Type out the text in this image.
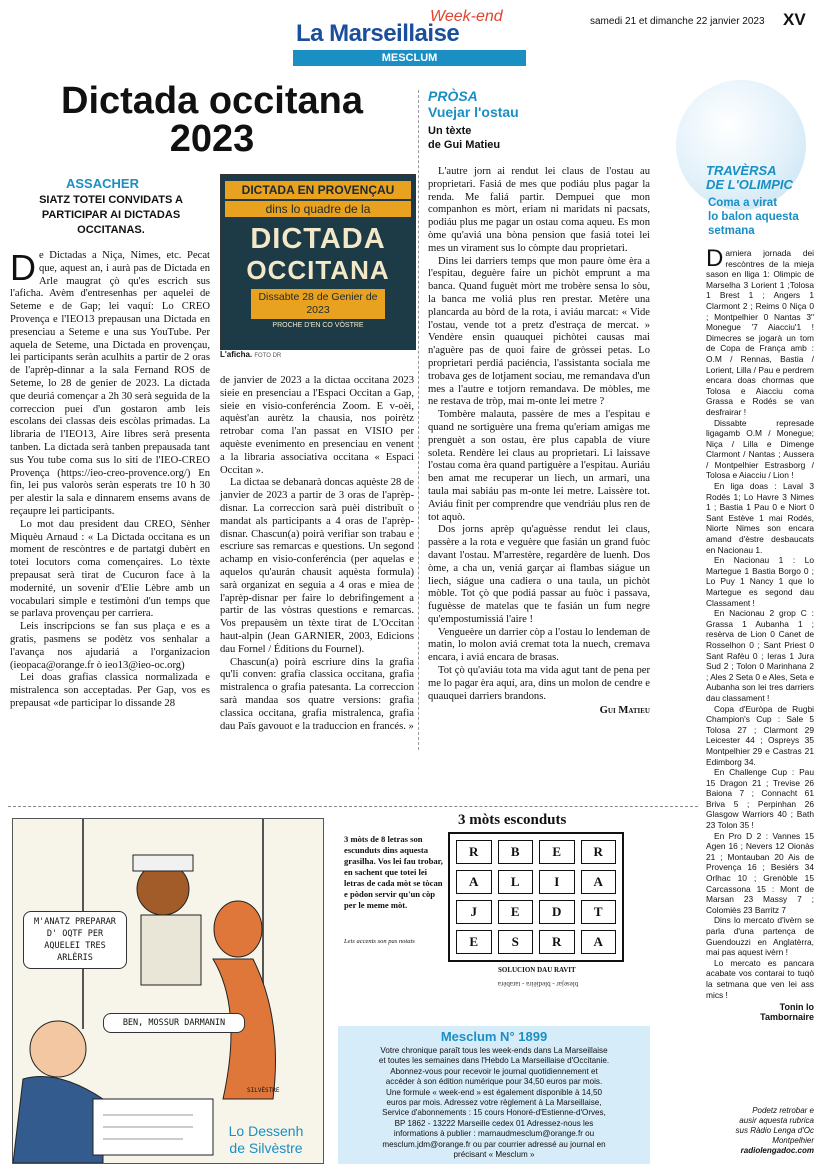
La Marseillaise
Week-end	samedi 21 et dimanche 22 janvier 2023 XV
MESCLUM
Dictada occitana
2023
ASSACHER
SIATZ TOTEI CONVIDATS A PARTICIPAR AI DICTADAS OCCITANAS.

De Dictadas a Niça, Nimes, etc. Pecat que, aquest an, i aurà pas de Dictada en Arle maugrat çò qu'es escrich sus l'aficha. Avèm d'entresenhas per aquelei de Seteme e de Gap; lei vaquí: Lo CREO Provença e l'IEO13 prepausan una Dictada en presenciau a Seteme e una sus YouTube. Per aquela de Seteme, una Dictada en provençau, lei participants seràn aculhits a partir de 2 oras de l'aprèp-dinnar a la sala Fernand ROS de Seteme, lo 28 de genier de 2023. La dictada que deuriá començar a 2h 30 serà seguida de la correccion puei d'un gostaron amb leis escolans dei classas deis escòlas primadas. La libraria de l'IEO13, Aire libres serà presenta tanben. La dictada serà tanben prepausada tant sus You tube coma sus lo siti de l'IEO-CREO Provença (https://ieo-creo-provence.org/) En fin, lei pus valoròs seràn esperats tre 10 h 30 per alestir la sala e dinnarem ensems avans de reçaupre lei participants.

Lo mot dau president dau CREO, Sènher Miquèu Arnaud : « La Dictada occitana es un moment de rescòntres e de partatgi dubèrt en totei locutors coma començaires. Lo tèxte prepausat serà tirat de Cucuron face à la modernité, un sovenir d'Elie Lèbre amb un vocabulari simple e testimòni d'un temps que se parlava provençau per carriera.

Leis inscripcions se fan sus plaça e es a gratis, pasmens se podètz vos senhalar a l'avança nos ajudariá a l'organizacion (ieopaca@orange.fr ò ieo13@ieo-oc.org)

Lei doas grafias classica normalizada e mistralenca son acceptadas. Per Gap, vos es prepausat «de participar lo dissande 28

DICTADA EN PROVENÇAU
dins lo quadre de la
DICTADA
OCCITANA
Dissabte 28 de Genier de 2023
PROCHE D'EN CO VÒSTRE
L'aficha. FOTO DR

de janvier de 2023 a la dictaa occitana 2023 sieie en presenciau a l'Espaci Occitan a Gap, sieie en visio-conferéncia Zoom. E v-oèi, aquèst'an aurètz la chausia, nos poirètz retrobar coma l'an passat en VISIO per aquèste evenimento en presenciau en venent a la libraria associativa occitana « Espaci Occitan ».

La dictaa se debanarà doncas aquèste 28 de janvier de 2023 a partir de 3 oras de l'aprèp-disnar. La correccion sarà puèi distribuït o mandat als participants a 4 oras de l'aprèp-disnar. Chascun(a) poirà verifiar son trabau e escriure sas remarcas e questions. Un segond achamp en visio-conferéncia (per aquelas e aquelos qu'aurán chausit aquèsta formula) sarà organizat en seguia a 4 oras e miea de l'aprèp-disnar per faire lo debrifingement a partir de las vòstras questions e remarcas. Vos prepausèm un tèxte tirat de L'Occitan haut-alpin (Jean GARNIER, 2003, Edicions dau Fornel / Éditions du Fournel).

Chascun(a) poirà escriure dins la grafia qu'li conven: grafia classica occitana, grafia mistralenca o grafia patesanta. La correccion sarà mandaa sos quatre versions: grafia classica occitana, grafia mistralenca, grafia dau Païs gavouot e la traduccion en francés. »

PRÒSA
Vuejar l'ostau
Un tèxte
de Gui Matieu

L'autre jorn ai rendut lei claus de l'ostau au proprietari. Fasiá de mes que podiáu plus pagar la renda. Me faliá partir. Dempuei que mon companhon es mòrt, eriam ni maridats ni pacsats, podiáu plus me pagar un ostau coma aqueu. Es mon òme qu'aviá una bòna pension que fasiá totei lei mes un virament sus lo còmpte dau proprietari.

Dins lei darriers temps que mon paure òme èra a l'espitau, deguère faire un pichòt emprunt a ma banca. Quand fuguèt mòrt me trobère sensa lo sòu, la banca me voliá plus ren prestar. Metère una plancarda au bòrd de la rota, i aviáu marcat: « Vide l'ostau, vende tot a pretz d'estraça de mercat. » Vendère ensin quauquei pichòtei causas mai n'aguère pas de quoi faire de gròssei petas. Lo proprietari perdiá paciéncia, l'assistanta sociala me trobava ges de lotjament sociau, me remandava d'un mes a l'autre e totjorn remandava. De mòbles, me ne restava de tròp, mai m-onte lei metre ?

Tombère malauta, passère de mes a l'espitau e quand ne sortiguère una frema qu'eriam amigas me prenguèt a son ostau, ère plus capabla de viure soleta. Rendère lei claus au proprietari. Li laissave l'ostau coma èra quand partiguère a l'espitau. Auriáu ben amat me recuperar un liech, un armari, una taula mai sabiáu pas m-onte lei metre. Laissère tot. Aviáu finit per comprendre que vendriáu plus ren de tot aquò.

Dos jorns aprèp qu'aguèsse rendut lei claus, passère a la rota e veguère que fasián un grand fuòc davant l'ostau. M'arrestère, regardère de luenh. Dos òme, a cha un, veniá garçar ai flambas siágue un liech, siágue una cadiera o una taula, un pichòt mòble. Tot çò que podiá passar au fuòc i passava, fuguèsse de matelas que te fasián un fum negre qu'empostumissiá l'aire !

Vengueère un darrier còp a l'ostau lo lendeman de matin, lo molon aviá cremat tota la nuech, cremava encara, i aviá encara de brasas.

Tot çò qu'aviáu tota ma vida agut tant de pena per me lo pagar èra aquí, ara, dins un molon de cendre e quauquei darriers brandons.

Gui Matieu
TRAVÈRSA
DE L'OLIMPIC
Coma a virat
lo balon aquesta
setmana

Darniera jornada dei rescòntres de la mieja sason en lliga 1: Olimpic de Marselha 3 Lorient 1 ;Tolosa 1 Brest 1 ; Angers 1 Clarmont 2 ; Reims 0 Niça 0 ; Montpelhier 0 Nantas 3" Monegue '7 Aiacciu'1 ! Dimecres se jogarà un tom de Copa de França amb : O.M / Rennas, Bastia / Lorient, Lilla / Pau e perdrem encara doas chormas que Tolosa e Aiacciu coma Grassa e Rodés se van desfrairar !

Dissabte represade ligagamb O.M / Monegue; Niça / Lilla e Dimenge Clarmont / Nantas ; Aussera / Montpelhier Estrasborg / Tolosa e Aiacciu / Lion !

En liga doas : Laval 3 Rodés 1; Lo Havre 3 Nimes 1 ; Bastia 1 Pau 0 e Niort 0 Sant Estève 1 mai Rodés, Niorte Nimes son encara amand d'èstre desbaucats en Nacionau 1.

En Nacionau 1 : Lo Martegue 1 Bastia Borgo 0 ; Lo Puy 1 Nancy 1 que lo Martegue es segond dau Classament !

En Nacionau 2 grop C : Grassa 1 Aubanha 1 ; resèrva de Lion 0 Canet de Rosselhon 0 ; Sant Priest 0 Sant Rafèu 0 ; Ieras 1 Jura Sud 2 ; Tolon 0 Marinhana 2 ; Ales 2 Seta 0 e Ales, Seta e Aubanha son lei tres darriers dau classament !

Copa d'Euròpa de Rugbi Champion's Cup : Sale 5 Tolosa 27 ; Clarmont 29 Leicester 44 ; Ospreys 35 Montpelhier 29 e Castras 21 Edimborg 34.

En Challenge Cup : Pau 15 Dragon 21 ; Trevise 26 Baiona 7 ; Connacht 61 Briva 5 ; Perpinhan 26 Glasgow Warriors 40 ; Bath 23 Tolon 35 !

En Pro D 2 : Vannes 15 Agen 16 ; Nevers 12 Oionàs 21 ; Montauban 20 Ais de Provença 16 ; Besiérs 34 Orlhac 10 ; Grenòble 15 Carcassona 15 : Mont de Marsan 23 Massy 7 ; Colomiès 23 Barritz 7

Dins lo mercato d'ivèrn se parla d'una partença de Guendouzzi en Anglatèrra, mai pas aquest ivèrn !

Lo mercato es pancara acabate vos contarai to tuqò la setmana que ven lei ass mics !

Tonin lo
Tambornaire
Podetz retrobar e
ausir aquesta rubrica
sus Ràdio Lenga d'Oc
Montpelhier
radiolengadoc.com
M'ANATZ PREPARAR D' OQTF PER AQUELEI TRES ARLÈRIS
BEN, MOSSUR DARMANIN
SILVÈSTRE
Lo Dessenh
de Silvèstre
3 mòts esconduts
3 mòts de 8 letras son escunduts dins aquesta grasilha. Vos lei fau trobar, en sachent que totei lei letras de cada mòt se tòcan e pòdon servir qu'un còp per le meme mòt.
Leis accents son pas notats
R	B	E	R
A	L	I	A
J	E	D	T
E	S	R	A
SOLUCION DAU RAVIT
blesejar - bledièira - tarabèra
Mesclum N° 1899
Votre chronique paraît tous les week-ends dans La Marseillaise
et toutes les semaines dans l'Hebdo La Marseillaise d'Occitanie.
Abonnez-vous pour recevoir le journal quotidiennement et
accéder à son édition numérique pour 34,50 euros par mois.
Une formule « week-end » est également disponible à 14,50
euros par mois. Adressez votre règlement à La Marseillaise,
Service d'abonnements : 15 cours Honoré-d'Estienne-d'Orves,
BP 1862 - 13222 Marseille cedex 01 Adressez-nous les
informations à publier : marnaudmesclum@orange.fr ou
mesclum.jdm@orange.fr ou par courrier adressé au journal en
précisant « Mesclum »
